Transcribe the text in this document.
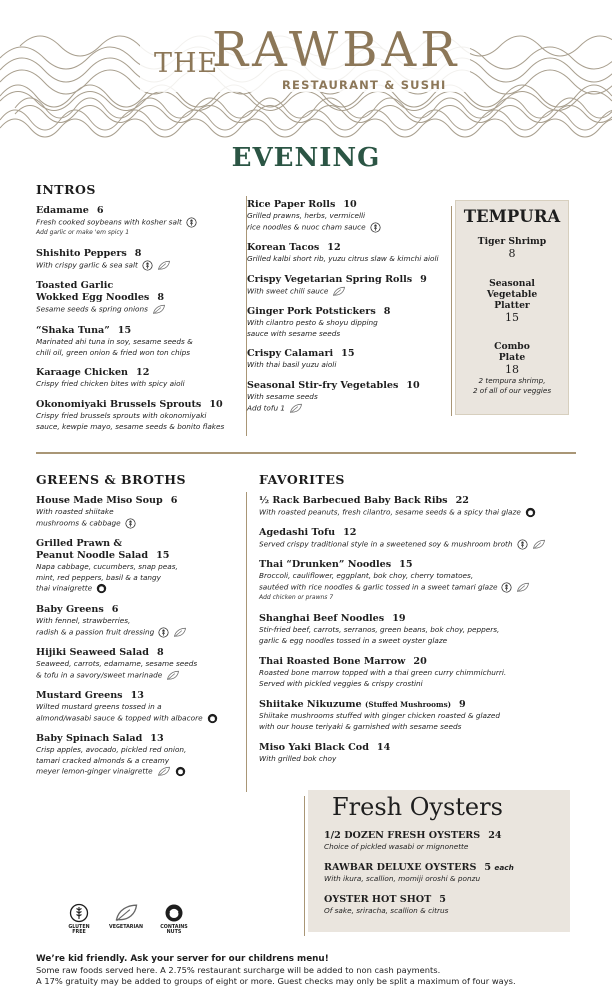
THE
RAWBAR
RESTAURANT & SUSHI
EVENING
INTROS
Edamame 6
Fresh cooked soybeans with kosher salt
Add garlic or make 'em spicy 1
Shishito Peppers 8
With crispy garlic & sea salt
Toasted Garlic
Wokked Egg Noodles 8
Sesame seeds & spring onions
“Shaka Tuna” 15
Marinated ahi tuna in soy, sesame seeds &
chili oil, green onion & fried won ton chips
Karaage Chicken 12
Crispy fried chicken bites with spicy aioli
Okonomiyaki Brussels Sprouts 10
Crispy fried brussels sprouts with okonomiyaki
sauce, kewpie mayo, sesame seeds & bonito flakes
Rice Paper Rolls 10
Grilled prawns, herbs, vermicelli
rice noodles & nuoc cham sauce
Korean Tacos 12
Grilled kalbi short rib, yuzu citrus slaw & kimchi aioli
Crispy Vegetarian Spring Rolls 9
With sweet chili sauce
Ginger Pork Potstickers 8
With cilantro pesto & shoyu dipping
sauce with sesame seeds
Crispy Calamari 15
With thai basil yuzu aioli
Seasonal Stir-fry Vegetables 10
With sesame seeds
Add tofu 1
TEMPURA
Tiger Shrimp
8
Seasonal
Vegetable
Platter
15
Combo
Plate
18
2 tempura shrimp,
2 of all of our veggies
GREENS & BROTHS
House Made Miso Soup 6
With roasted shiitake
mushrooms & cabbage
Grilled Prawn &
Peanut Noodle Salad 15
Napa cabbage, cucumbers, snap peas,
mint, red peppers, basil & a tangy
thai vinaigrette
Baby Greens 6
With fennel, strawberries,
radish & a passion fruit dressing
Hijiki Seaweed Salad 8
Seaweed, carrots, edamame, sesame seeds
& tofu in a savory/sweet marinade
Mustard Greens 13
Wilted mustard greens tossed in a
almond/wasabi sauce & topped with albacore
Baby Spinach Salad 13
Crisp apples, avocado, pickled red onion,
tamari cracked almonds & a creamy
meyer lemon-ginger vinaigrette
FAVORITES
½ Rack Barbecued Baby Back Ribs 22
With roasted peanuts, fresh cilantro, sesame seeds & a spicy thai glaze
Agedashi Tofu 12
Served crispy traditional style in a sweetened soy & mushroom broth
Thai “Drunken” Noodles 15
Broccoli, cauliflower, eggplant, bok choy, cherry tomatoes,
sautéed with rice noodles & garlic tossed in a sweet tamari glaze
Add chicken or prawns 7
Shanghai Beef Noodles 19
Stir-fried beef, carrots, serranos, green beans, bok choy, peppers,
garlic & egg noodles tossed in a sweet oyster glaze
Thai Roasted Bone Marrow 20
Roasted bone marrow topped with a thai green curry chimmichurri.
Served with pickled veggies & crispy crostini
Shiitake Nikuzume (Stuffed Mushrooms) 9
Shiitake mushrooms stuffed with ginger chicken roasted & glazed
with our house teriyaki & garnished with sesame seeds
Miso Yaki Black Cod 14
With grilled bok choy
Fresh Oysters
1/2 DOZEN FRESH OYSTERS 24
Choice of pickled wasabi or mignonette
RAWBAR DELUXE OYSTERS 5 each
With ikura, scallion, momiji oroshi & ponzu
OYSTER HOT SHOT 5
Of sake, sriracha, scallion & citrus
GLUTEN FREE
VEGETARIAN	CONTAINS NUTS
We’re kid friendly. Ask your server for our childrens menu!
Some raw foods served here. A 2.75% restaurant surcharge will be added to non cash payments.
A 17% gratuity may be added to groups of eight or more. Guest checks may only be split a maximum of four ways.
